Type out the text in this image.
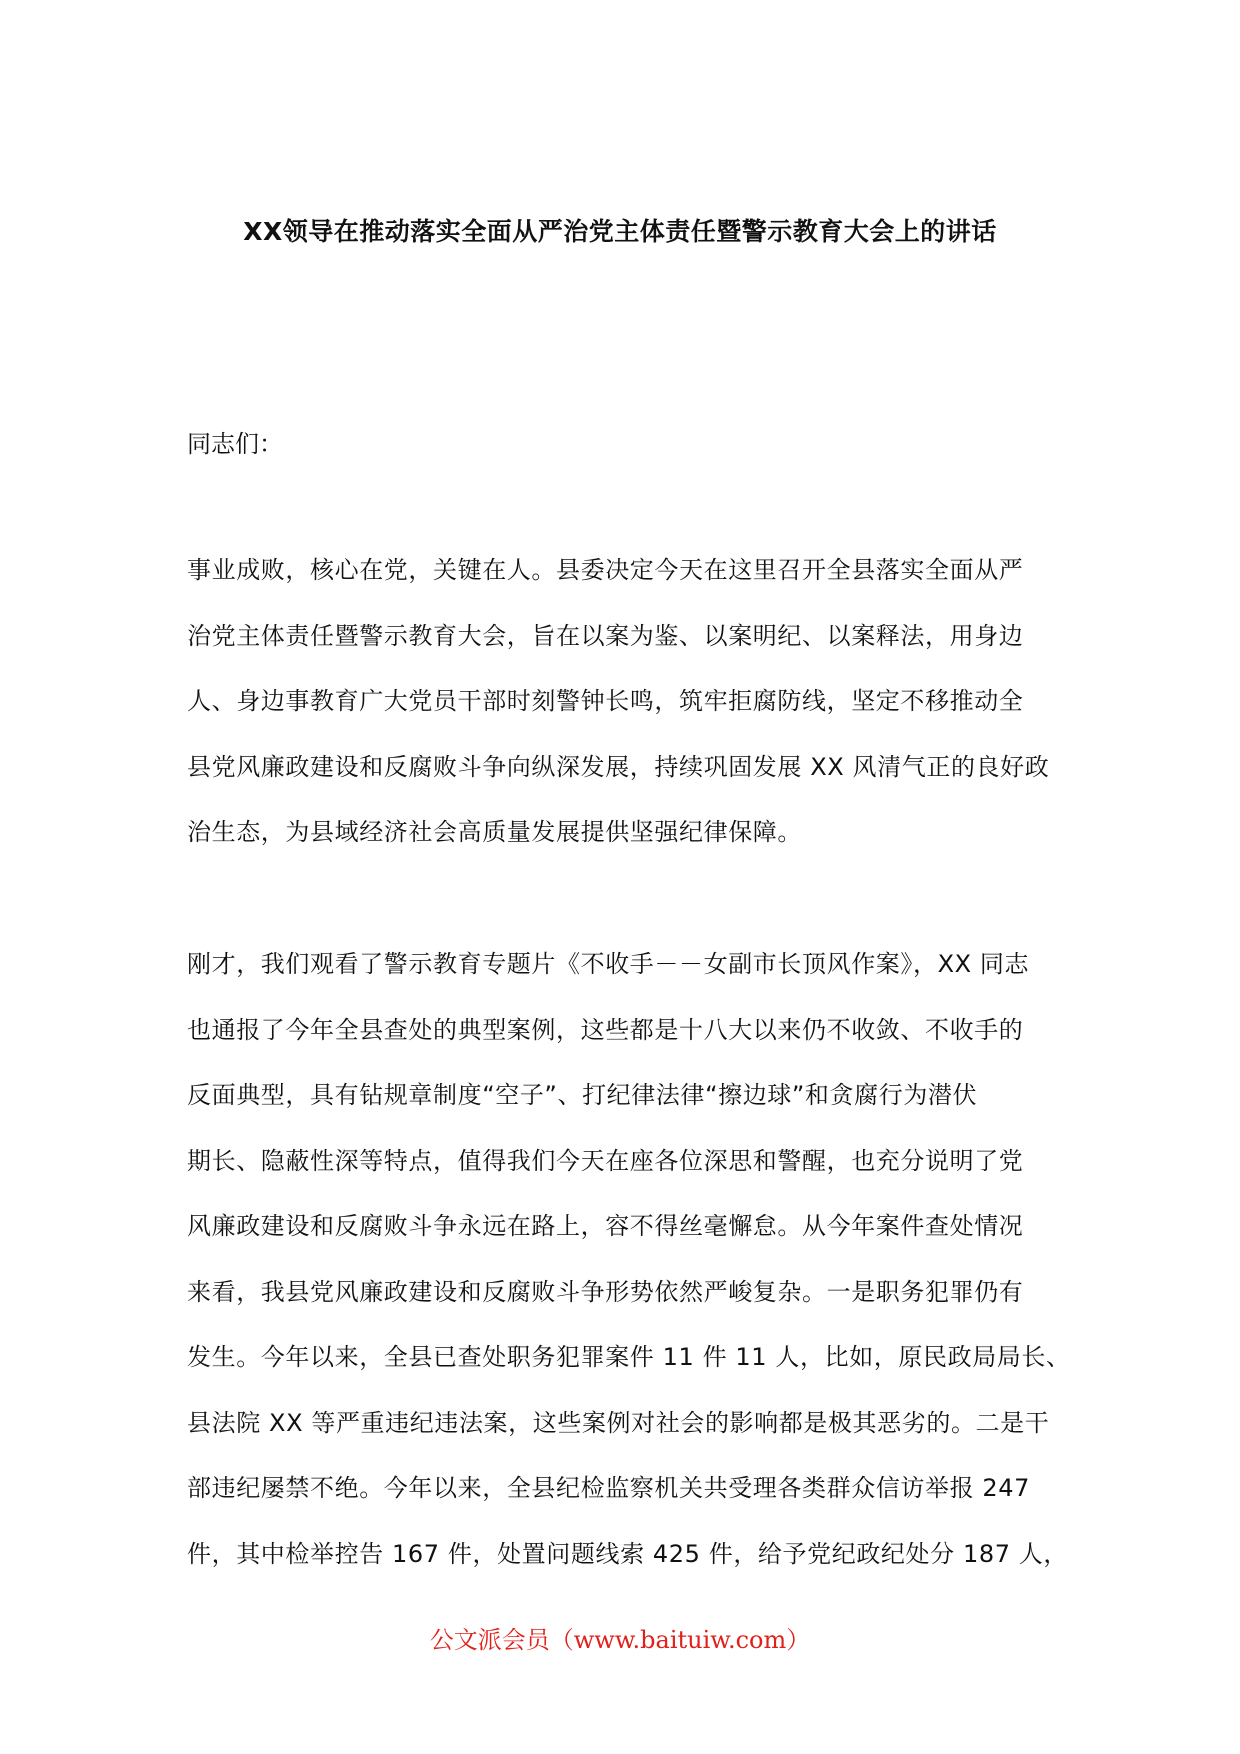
XX领导在推动落实全面从严治党主体责任暨警示教育大会上的讲话
同志们：
事业成败，核心在党，关键在人。县委决定今天在这里召开全县落实全面从严
治党主体责任暨警示教育大会，旨在以案为鉴、以案明纪、以案释法，用身边
人、身边事教育广大党员干部时刻警钟长鸣，筑牢拒腐防线，坚定不移推动全
县党风廉政建设和反腐败斗争向纵深发展，持续巩固发展 XX 风清气正的良好政
治生态，为县域经济社会高质量发展提供坚强纪律保障。
刚才，我们观看了警示教育专题片《不收手－－女副市长顶风作案》，XX 同志
也通报了今年全县查处的典型案例，这些都是十八大以来仍不收敛、不收手的
反面典型，具有钻规章制度“空子”、打纪律法律“擦边球”和贪腐行为潜伏
期长、隐蔽性深等特点，值得我们今天在座各位深思和警醒，也充分说明了党
风廉政建设和反腐败斗争永远在路上，容不得丝毫懈怠。从今年案件查处情况
来看，我县党风廉政建设和反腐败斗争形势依然严峻复杂。一是职务犯罪仍有
发生。今年以来，全县已查处职务犯罪案件 11 件 11 人，比如，原民政局局长、
县法院 XX 等严重违纪违法案，这些案例对社会的影响都是极其恶劣的。二是干
部违纪屡禁不绝。今年以来，全县纪检监察机关共受理各类群众信访举报 247
件，其中检举控告 167 件，处置问题线索 425 件，给予党纪政纪处分 187 人，
公文派会员（www.baituiw.com）
